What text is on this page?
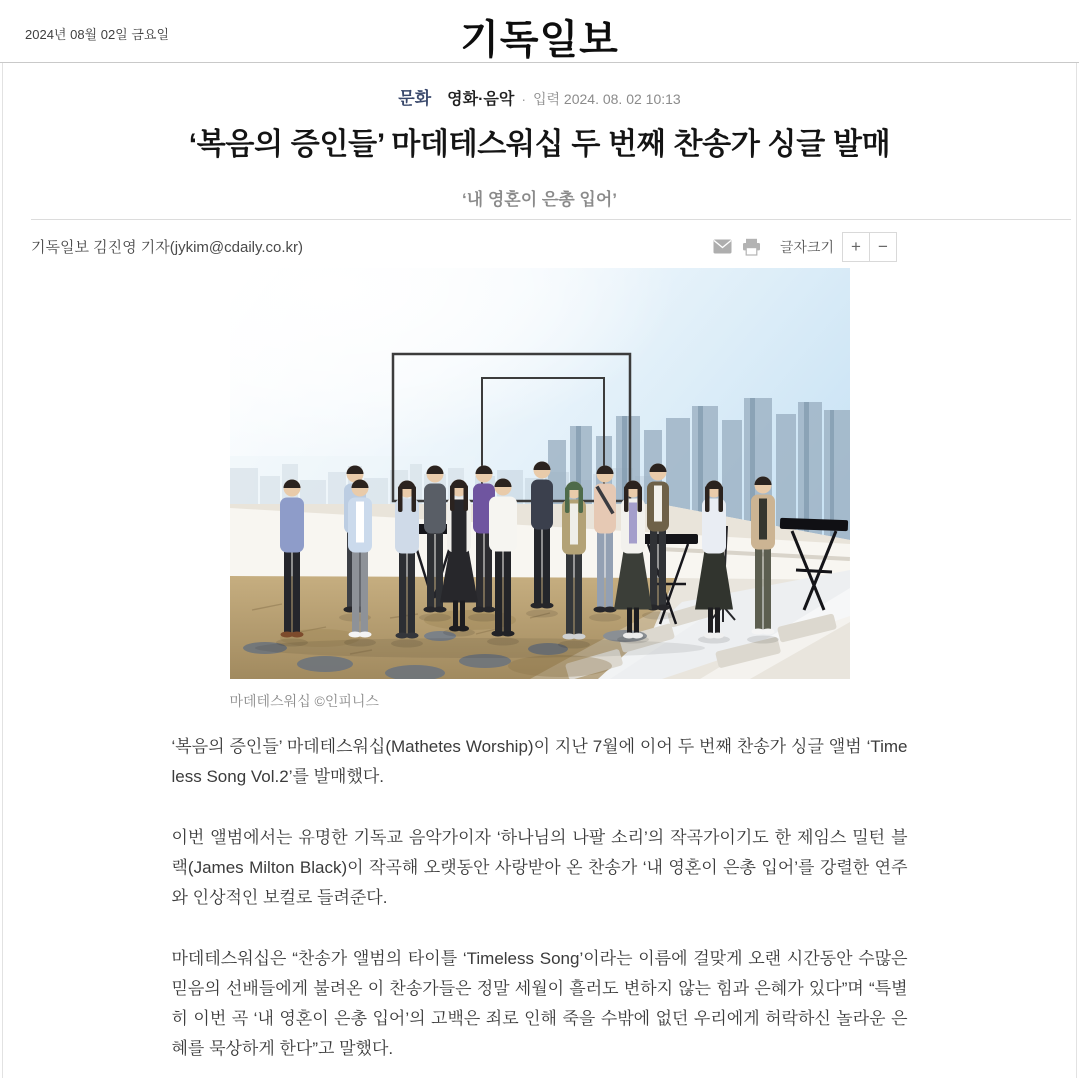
2024년 08월 02일 금요일	기독일보
문화 영화·음악 · 입력 2024. 08. 02 10:13
‘복음의 증인들’ 마데테스워십 두 번째 찬송가 싱글 발매
‘내 영혼이 은총 입어’
기독일보 김진영 기자(jykim@cdaily.co.kr)	글자크기	+	−
마데테스워십 ©인피니스

‘복음의 증인들’ 마데테스워십(Mathetes Worship)이 지난 7월에 이어 두 번째 찬송가 싱글 앨범 ‘Timeless Song Vol.2’를 발매했다.

이번 앨범에서는 유명한 기독교 음악가이자 ‘하나님의 나팔 소리’의 작곡가이기도 한 제임스 밀턴 블랙(James Milton Black)이 작곡해 오랫동안 사랑받아 온 찬송가 ‘내 영혼이 은총 입어’를 강렬한 연주와 인상적인 보컬로 들려준다.

마데테스워십은 “찬송가 앨범의 타이틀 ‘Timeless Song’이라는 이름에 걸맞게 오랜 시간동안 수많은 믿음의 선배들에게 불려온 이 찬송가들은 정말 세월이 흘러도 변하지 않는 힘과 은혜가 있다”며 “특별히 이번 곡 ‘내 영혼이 은총 입어’의 고백은 죄로 인해 죽을 수밖에 없던 우리에게 허락하신 놀라운 은혜를 묵상하게 한다”고 말했다.
